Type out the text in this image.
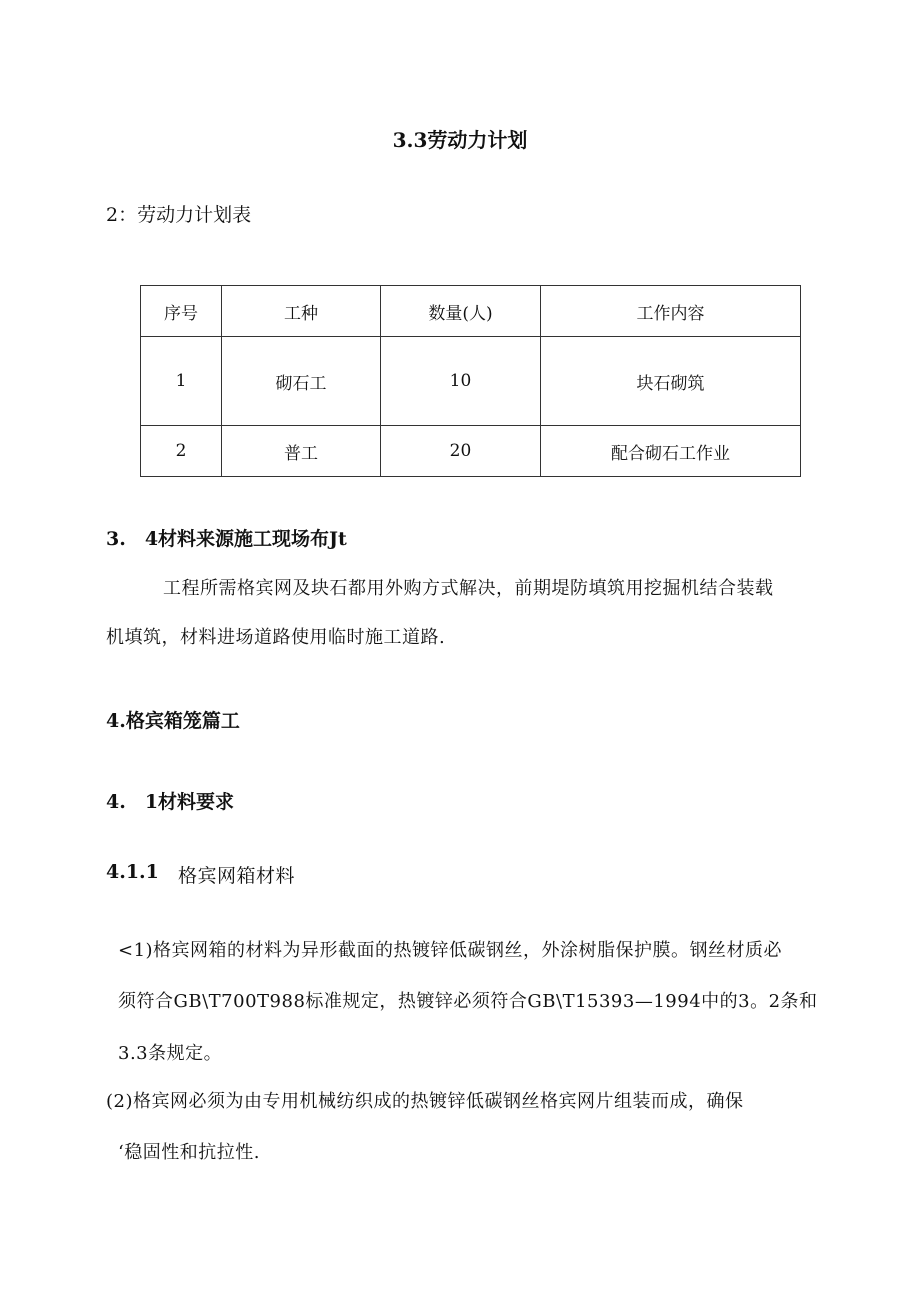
3.3劳动力计划
2：劳动力计划表
序号	工种	数量(人)	工作内容
1	砌石工	10	块石砌筑
2	普工	20	配合砌石工作业
3.　4材料来源施工现场布Jt
工程所需格宾网及块石都用外购方式解决，前期堤防填筑用挖掘机结合装载
机填筑，材料进场道路使用临时施工道路.
4.格宾箱笼篇工
4.　1材料要求
4.1.1 格宾网箱材料
<1)格宾网箱的材料为异形截面的热镀锌低碳钢丝，外涂树脂保护膜。钢丝材质必
须符合GB\T700T988标准规定，热镀锌必须符合GB\T15393—1994中的3。2条和
3.3条规定。
(2)格宾网必须为由专用机械纺织成的热镀锌低碳钢丝格宾网片组装而成，确保
‘稳固性和抗拉性.
